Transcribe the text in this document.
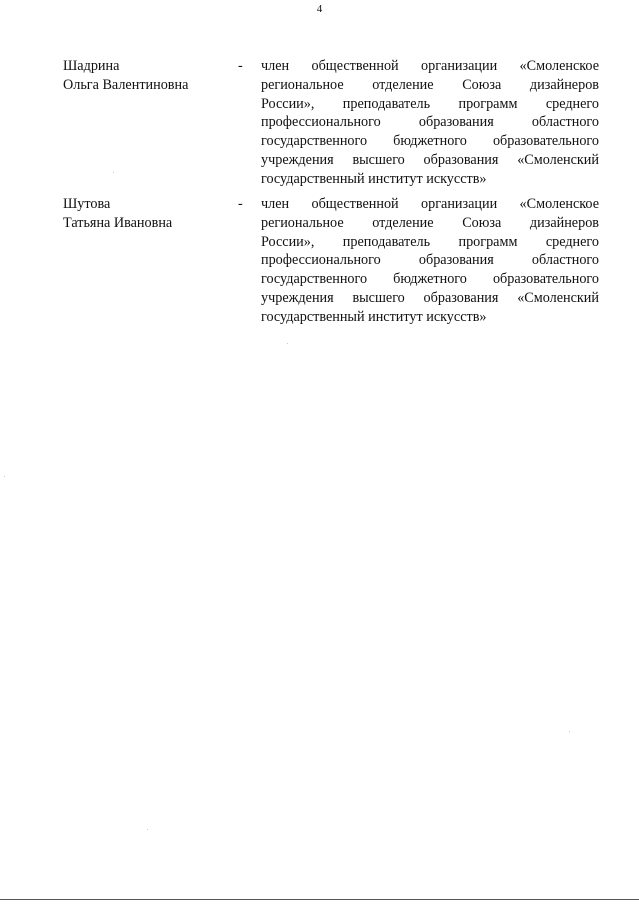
4
Шадрина
Ольга Валентиновна
- член общественной организации «Смоленское
региональное отделение Союза дизайнеров
России», преподаватель программ среднего
профессионального образования областного
государственного бюджетного образовательного
учреждения высшего образования «Смоленский
государственный институт искусств»
Шутова
Татьяна Ивановна
- член общественной организации «Смоленское
региональное отделение Союза дизайнеров
России», преподаватель программ среднего
профессионального образования областного
государственного бюджетного образовательного
учреждения высшего образования «Смоленский
государственный институт искусств»
